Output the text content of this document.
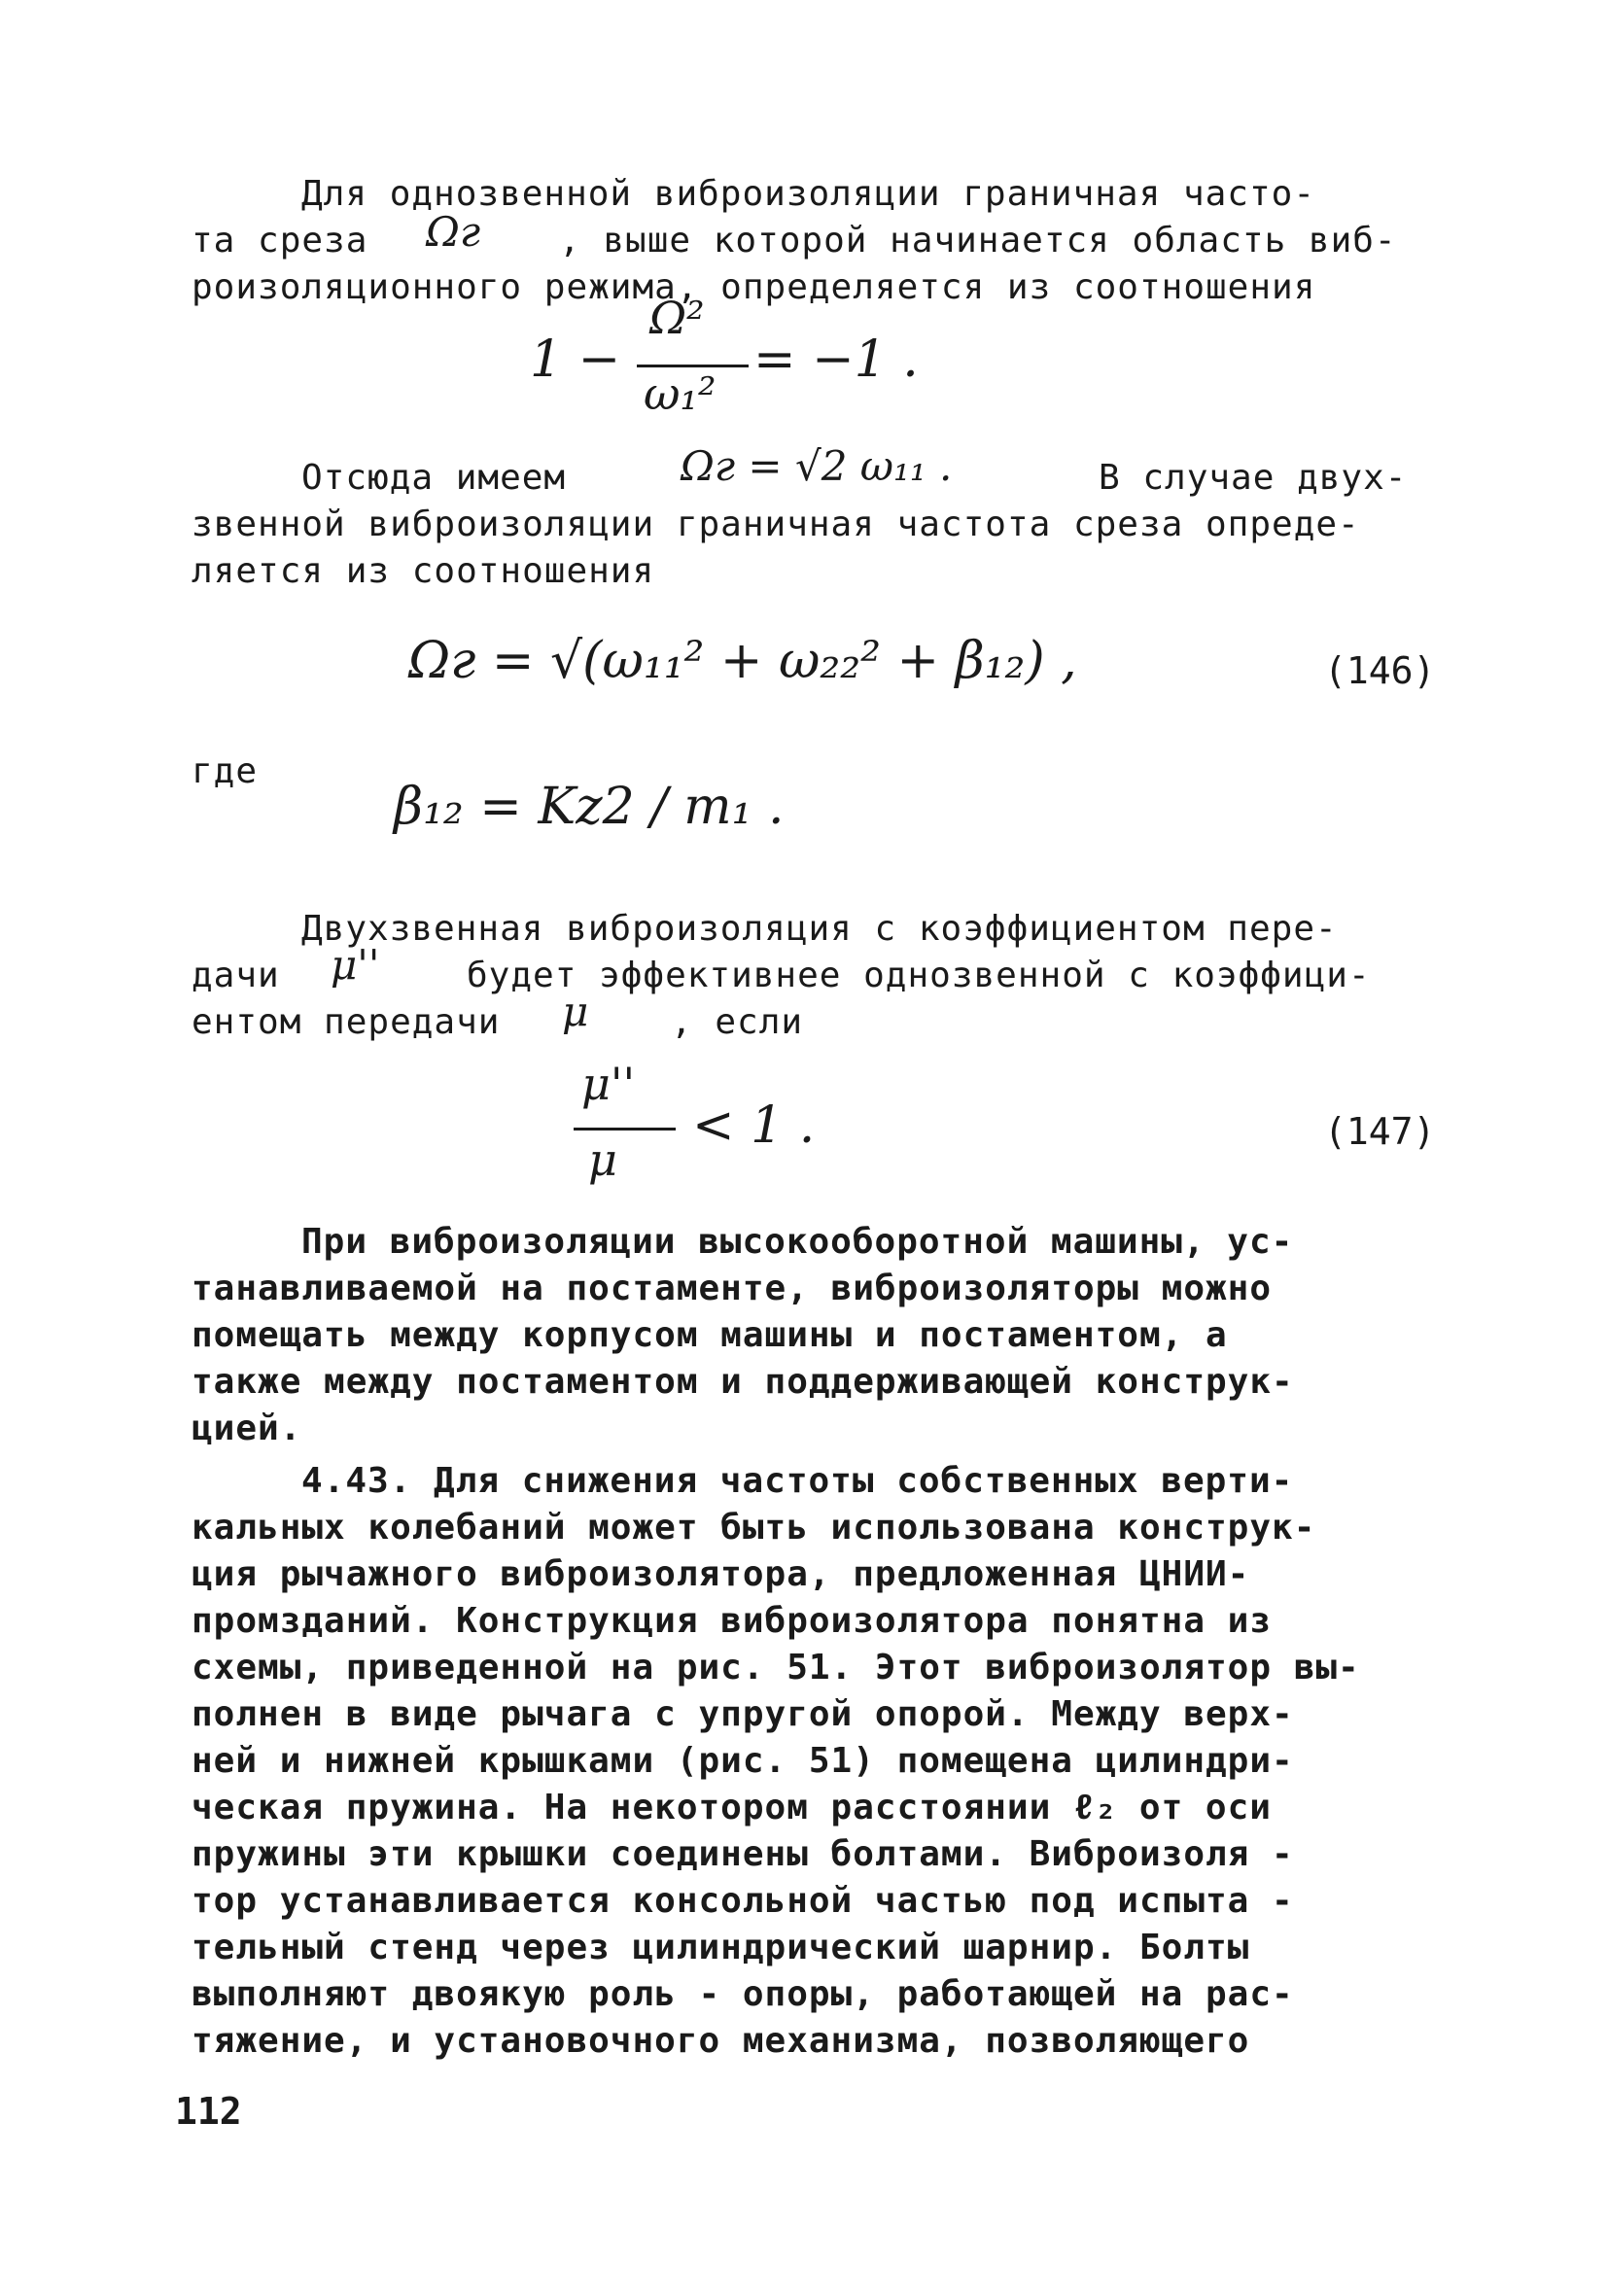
Для однозвенной виброизоляции граничная часто-
та среза	Ωг , выше которой начинается область виб-
роизоляционного режима, определяется из соотношения
1 −
Ω²
ω₁²
= −1 .
Отсюда имеем	Ωг = √2 ω₁₁ .	В случае двух-
звенной виброизоляции граничная частота среза опреде-
ляется из соотношения
Ωг = √(ω₁₁² + ω₂₂² + β₁₂) ,	(146)
где
β₁₂ = Kz2 / m₁ .
Двухзвенная виброизоляция с коэффициентом пере-
дачи	μ'' будет эффективнее однозвенной с коэффици-
ентом передачи	μ , если
μ''
μ
< 1 .	(147)
При виброизоляции высокооборотной машины, ус-
танавливаемой на постаменте, виброизоляторы можно
помещать между корпусом машины и постаментом, а
также между постаментом и поддерживающей конструк-
цией.
4.43. Для снижения частоты собственных верти-
кальных колебаний может быть использована конструк-
ция рычажного виброизолятора, предложенная ЦНИИ-
промзданий. Конструкция виброизолятора понятна из
схемы, приведенной на рис. 51. Этот виброизолятор вы-
полнен в виде рычага с упругой опорой. Между верх-
ней и нижней крышками (рис. 51) помещена цилиндри-
ческая пружина. На некотором расстоянии ℓ₂ от оси
пружины эти крышки соединены болтами. Виброизоля -
тор устанавливается консольной частью под испыта -
тельный стенд через цилиндрический шарнир. Болты
выполняют двоякую роль - опоры, работающей на рас-
тяжение, и установочного механизма, позволяющего
112
